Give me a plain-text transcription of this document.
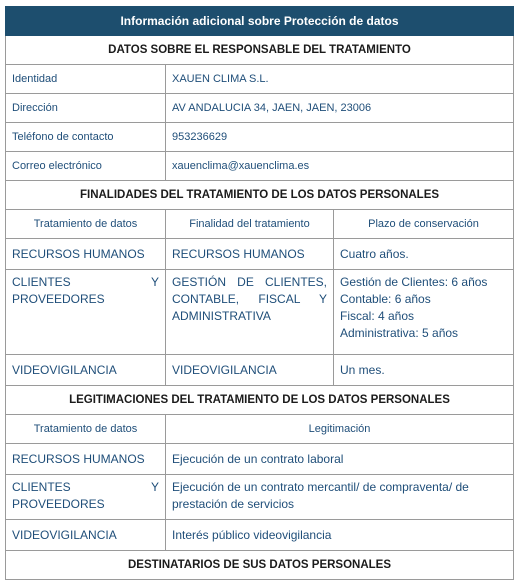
Información adicional sobre Protección de datos		
DATOS SOBRE EL RESPONSABLE DEL TRATAMIENTO		
Identidad	XAUEN CLIMA S.L.	
Dirección	AV ANDALUCIA 34, JAEN, JAEN, 23006	
Teléfono de contacto	953236629	
Correo electrónico	xauenclima@xauenclima.es	
FINALIDADES DEL TRATAMIENTO DE LOS DATOS PERSONALES		
Tratamiento de datos	Finalidad del tratamiento	Plazo de conservación
RECURSOS HUMANOS	RECURSOS HUMANOS	Cuatro años.

CLIENTES Y PROVEEDORES	GESTIÓN DE CLIENTES, CONTABLE, FISCAL Y ADMINISTRATIVA	Gestión de Clientes: 6 años
Contable: 6 años
Fiscal: 4 años
Administrativa: 5 años

VIDEOVIGILANCIA	VIDEOVIGILANCIA	Un mes.
LEGITIMACIONES DEL TRATAMIENTO DE LOS DATOS PERSONALES		
Tratamiento de datos	Legitimación	
RECURSOS HUMANOS	Ejecución de un contrato laboral	

CLIENTES Y PROVEEDORES	Ejecución de un contrato mercantil/ de compraventa/ de prestación de servicios	
VIDEOVIGILANCIA	Interés público videovigilancia	
DESTINATARIOS DE SUS DATOS PERSONALES		
